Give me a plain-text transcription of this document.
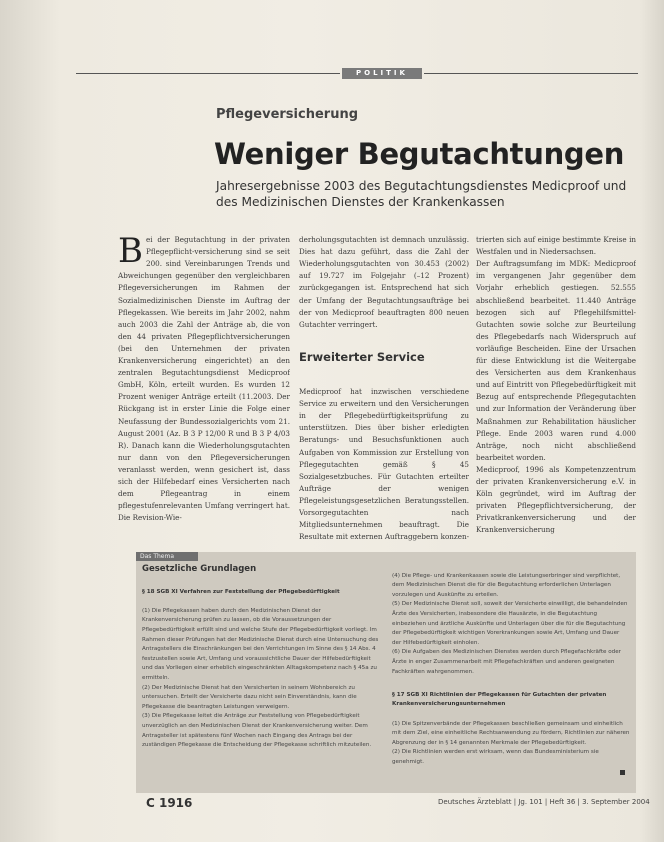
POLITIK
Pflegeversicherung
Weniger Begutachtungen
Jahresergebnisse 2003 des Begutachtungsdienstes Medicproof und des Medizinischen Dienstes der Krankenkassen

Bei der Begutachtung in der privaten Pflegepflicht-versicherung sind se seit 200. sind Vereinbarungen Trends und Abweichungen gegenüber den vergleichbaren Pflegeversicherungen im Rahmen der Sozialmedizinischen Dienste im Auftrag der Pflegekassen. Wie bereits im Jahr 2002, nahm auch 2003 die Zahl der Anträge ab, die von den 44 privaten Pflegepflichtversicherungen (bei den Unternehmen der privaten Krankenversicherung eingerichtet) an den zentralen Begutachtungsdienst Medicproof GmbH, Köln, erteilt wurden. Es wurden 12 Prozent weniger Anträge erteilt (11.2003. Der Rückgang ist in erster Linie die Folge einer Neufassung der Bundessozialgerichts vom 21. August 2001 (Az. B 3 P 12/00 R und B 3 P 4/03 R). Danach kann die Wiederholungsgutachten nur dann von den Pflegeversicherungen veranlasst werden, wenn gesichert ist, dass sich der Hilfebedarf eines Versicherten nach dem Pflegeantrag in einem pflegestufenrelevanten Umfang verringert hat. Die Revision-Wie-

derholungsgutachten ist demnach unzulässig. Dies hat dazu geführt, dass die Zahl der Wiederholungsgutachten von 30.453 (2002) auf 19.727 im Folgejahr (–12 Prozent) zurückgegangen ist. Entsprechend hat sich der Umfang der Begutachtungsaufträge bei der von Medicproof beauftragten 800 neuen Gutachter verringert.

Erweiterter Service

Medicproof hat inzwischen verschiedene Service zu erweitern und den Versicherungen in der Pflegebedürftigkeitsprüfung zu unterstützen. Dies über bisher erledigten Beratungs- und Besuchsfunktionen auch Aufgaben von Kommission zur Erstellung von Pflegegutachten gemäß § 45 Sozialgesetzbuches. Für Gutachten erteilter Aufträge der wenigen Pflegeleistungsgesetzlichen Beratungsstellen. Vorsorgegutachten nach Mitgliedsunternehmen beauftragt. Die Resultate mit externen Auftraggebern konzen-

trierten sich auf einige bestimmte Kreise in Westfalen und in Niedersachsen.
Der Auftragsumfang im MDK: Medicproof im vergangenen Jahr gegenüber dem Vorjahr erheblich gestiegen. 52.555 abschließend bearbeitet. 11.440 Anträge bezogen sich auf Pflegehilfsmittel-Gutachten sowie solche zur Beurteilung des Pflegebedarfs nach Widerspruch auf vorläufige Bescheiden. Eine der Ursachen für diese Entwicklung ist die Weitergabe des Versicherten aus dem Krankenhaus und auf Eintritt von Pflegebedürftigkeit mit Bezug auf entsprechende Pflegegutachten und zur Information der Veränderung über Maßnahmen zur Rehabilitation häuslicher Pflege. Ende 2003 waren rund 4.000 Anträge, noch nicht abschließend bearbeitet worden.
Medicproof, 1996 als Kompetenzzentrum der privaten Krankenversicherung e.V. in Köln gegründet, wird im Auftrag der privaten Pflegepflichtversicherung, der Privatkrankenversicherung und der Krankenversicherung

Das Thema
Gesetzliche Grundlagen

§ 18 SGB XI Verfahren zur Feststellung der Pflegebedürftigkeit

(1) Die Pflegekassen haben durch den Medizinischen Dienst der Krankenversicherung prüfen zu lassen, ob die Voraussetzungen der Pflegebedürftigkeit erfüllt sind und welche Stufe der Pflegebedürftigkeit vorliegt. Im Rahmen dieser Prüfungen hat der Medizinische Dienst durch eine Untersuchung des Antragstellers die Einschränkungen bei den Verrichtungen im Sinne des § 14 Abs. 4 festzustellen sowie Art, Umfang und voraussichtliche Dauer der Hilfebedürftigkeit und das Vorliegen einer erheblich eingeschränkten Alltagskompetenz nach § 45a zu ermitteln.
(2) Der Medizinische Dienst hat den Versicherten in seinem Wohnbereich zu untersuchen. Erteilt der Versicherte dazu nicht sein Einverständnis, kann die Pflegekasse die beantragten Leistungen verweigern.
(3) Die Pflegekasse leitet die Anträge zur Feststellung von Pflegebedürftigkeit unverzüglich an den Medizinischen Dienst der Krankenversicherung weiter. Dem Antragsteller ist spätestens fünf Wochen nach Eingang des Antrags bei der zuständigen Pflegekasse die Entscheidung der Pflegekasse schriftlich mitzuteilen.

(4) Die Pflege- und Krankenkassen sowie die Leistungserbringer sind verpflichtet, dem Medizinischen Dienst die für die Begutachtung erforderlichen Unterlagen vorzulegen und Auskünfte zu erteilen.
(5) Der Medizinische Dienst soll, soweit der Versicherte einwilligt, die behandelnden Ärzte des Versicherten, insbesondere die Hausärzte, in die Begutachtung einbeziehen und ärztliche Auskünfte und Unterlagen über die für die Begutachtung der Pflegebedürftigkeit wichtigen Vorerkrankungen sowie Art, Umfang und Dauer der Hilfebedürftigkeit einholen.
(6) Die Aufgaben des Medizinischen Dienstes werden durch Pflegefachkräfte oder Ärzte in enger Zusammenarbeit mit Pflegefachkräften und anderen geeigneten Fachkräften wahrgenommen.

§ 17 SGB XI Richtlinien der Pflegekassen für Gutachten der privaten Krankenversicherungsunternehmen

(1) Die Spitzenverbände der Pflegekassen beschließen gemeinsam und einheitlich mit dem Ziel, eine einheitliche Rechtsanwendung zu fördern, Richtlinien zur näheren Abgrenzung der in § 14 genannten Merkmale der Pflegebedürftigkeit.
(2) Die Richtlinien werden erst wirksam, wenn das Bundesministerium sie genehmigt.

C 1916	Deutsches Ärzteblatt | Jg. 101 | Heft 36 | 3. September 2004
